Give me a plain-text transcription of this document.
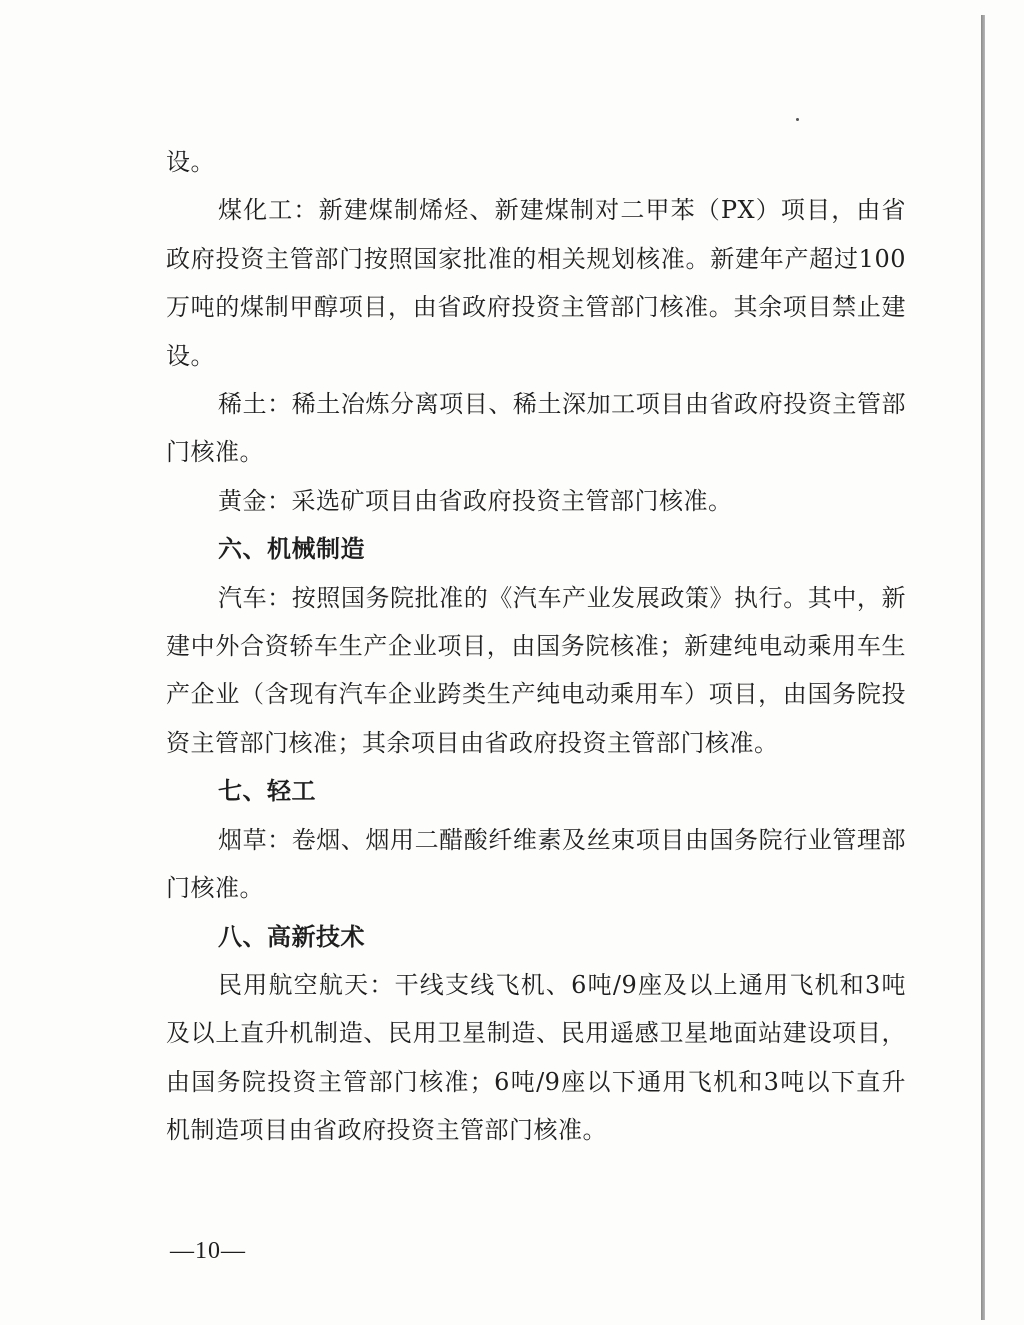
设。

煤化工：新建煤制烯烃、新建煤制对二甲苯（PX）项目，由省政府投资主管部门按照国家批准的相关规划核准。新建年产超过100万吨的煤制甲醇项目，由省政府投资主管部门核准。其余项目禁止建设。

稀土：稀土冶炼分离项目、稀土深加工项目由省政府投资主管部门核准。

黄金：采选矿项目由省政府投资主管部门核准。

六、机械制造

汽车：按照国务院批准的《汽车产业发展政策》执行。其中，新建中外合资轿车生产企业项目，由国务院核准；新建纯电动乘用车生产企业（含现有汽车企业跨类生产纯电动乘用车）项目，由国务院投资主管部门核准；其余项目由省政府投资主管部门核准。

七、轻工

烟草：卷烟、烟用二醋酸纤维素及丝束项目由国务院行业管理部门核准。

八、高新技术

民用航空航天：干线支线飞机、6吨/9座及以上通用飞机和3吨及以上直升机制造、民用卫星制造、民用遥感卫星地面站建设项目，由国务院投资主管部门核准；6吨/9座以下通用飞机和3吨以下直升机制造项目由省政府投资主管部门核准。

—10—
